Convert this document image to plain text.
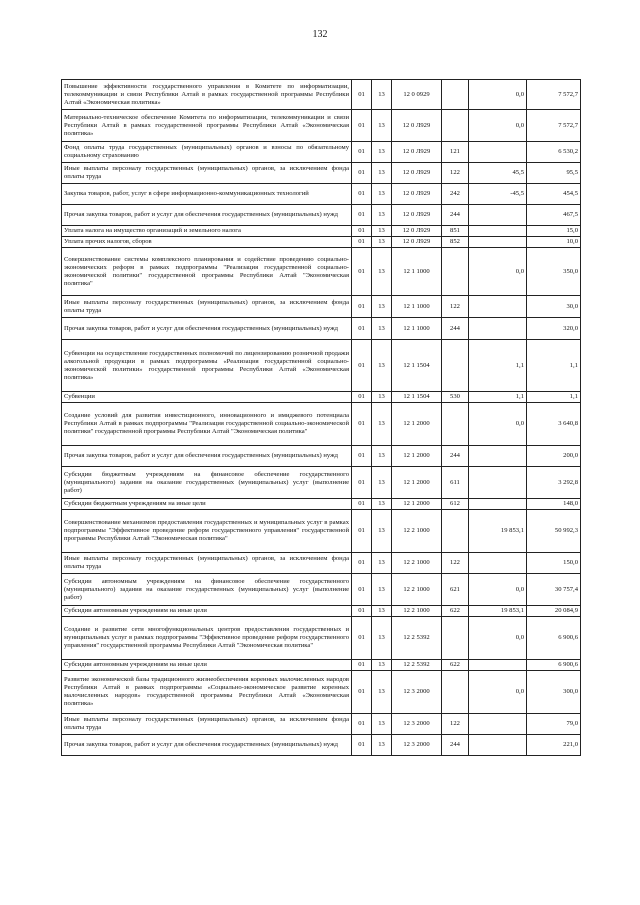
132
Повышение эффективности государственного управления в Комитете по информатизации, телекоммуникации и связи Республики Алтай в рамках государственной программы Республики Алтай «Экономическая политика»	01	13	12 0 0929		0,0	7 572,7
Материально-техническое обеспечение Комитета по информатизации, телекоммуникации и связи Республики Алтай в рамках государственной программы Республики Алтай «Экономическая политика»	01	13	12 0 Л929		0,0	7 572,7
Фонд оплаты труда государственных (муниципальных) органов и взносы по обязательному социальному страхованию	01	13	12 0 Л929	121		6 530,2
Иные выплаты персоналу государственных (муниципальных) органов, за исключением фонда оплаты труда	01	13	12 0 Л929	122	45,5	95,5
Закупка товаров, работ, услуг в сфере информационно-коммуникационных технологий	01	13	12 0 Л929	242	-45,5	454,5
Прочая закупка товаров, работ и услуг для обеспечения государственных (муниципальных) нужд	01	13	12 0 Л929	244		467,5
Уплата налога на имущество организаций и земельного налога	01	13	12 0 Л929	851		15,0
Уплата прочих налогов, сборов	01	13	12 0 Л929	852		10,0
Совершенствование системы комплексного планирования и содействие проведению социально-экономических реформ в рамках подпрограммы "Реализация государственной социально-экономической политики" государственной программы Республики Алтай "Экономическая политика"	01	13	12 1 1000		0,0	350,0
Иные выплаты персоналу государственных (муниципальных) органов, за исключением фонда оплаты труда	01	13	12 1 1000	122		30,0
Прочая закупка товаров, работ и услуг для обеспечения государственных (муниципальных) нужд	01	13	12 1 1000	244		320,0
Субвенции на осуществление государственных полномочий по лицензированию розничной продажи алкогольной продукции в рамках подпрограммы «Реализация государственной социально-экономической политики» государственной программы Республики Алтай «Экономическая политика»	01	13	12 1 1504		1,1	1,1
Субвенции	01	13	12 1 1504	530	1,1	1,1
Создание условий для развития инвестиционного, инновационного и имиджевого потенциала Республики Алтай в рамках подпрограммы "Реализация государственной социально-экономической политики" государственной программы Республики Алтай "Экономическая политика"	01	13	12 1 2000		0,0	3 640,8
Прочая закупка товаров, работ и услуг для обеспечения государственных (муниципальных) нужд	01	13	12 1 2000	244		200,0
Субсидии бюджетным учреждениям на финансовое обеспечение государственного (муниципального) задания на оказание государственных (муниципальных) услуг (выполнение работ)	01	13	12 1 2000	611		3 292,8
Субсидии бюджетным учреждениям на иные цели	01	13	12 1 2000	612		148,0
Совершенствование механизмов предоставления государственных и муниципальных услуг в рамках подпрограммы "Эффективное проведение реформ государственного управления" государственной программы Республики Алтай "Экономическая политика"	01	13	12 2 1000		19 853,1	50 992,3
Иные выплаты персоналу государственных (муниципальных) органов, за исключением фонда оплаты труда	01	13	12 2 1000	122		150,0
Субсидии автономным учреждениям на финансовое обеспечение государственного (муниципального) задания на оказание государственных (муниципальных) услуг (выполнение работ)	01	13	12 2 1000	621	0,0	30 757,4
Субсидии автономным учреждениям на иные цели	01	13	12 2 1000	622	19 853,1	20 084,9
Создание и развитие сети многофункциональных центров предоставления государственных и муниципальных услуг в рамках подпрограммы "Эффективное проведение реформ государственного управления" государственной программы Республики Алтай "Экономическая политика"	01	13	12 2 5392		0,0	6 900,6
Субсидии автономным учреждениям на иные цели	01	13	12 2 5392	622		6 900,6
Развитие экономической базы традиционного жизнеобеспечения коренных малочисленных народов Республики Алтай в рамках подпрограммы «Социально-экономическое развитие коренных малочисленных народов» государственной программы Республики Алтай «Экономическая политика»	01	13	12 3 2000		0,0	300,0
Иные выплаты персоналу государственных (муниципальных) органов, за исключением фонда оплаты труда	01	13	12 3 2000	122		79,0
Прочая закупка товаров, работ и услуг для обеспечения государственных (муниципальных) нужд	01	13	12 3 2000	244		221,0
